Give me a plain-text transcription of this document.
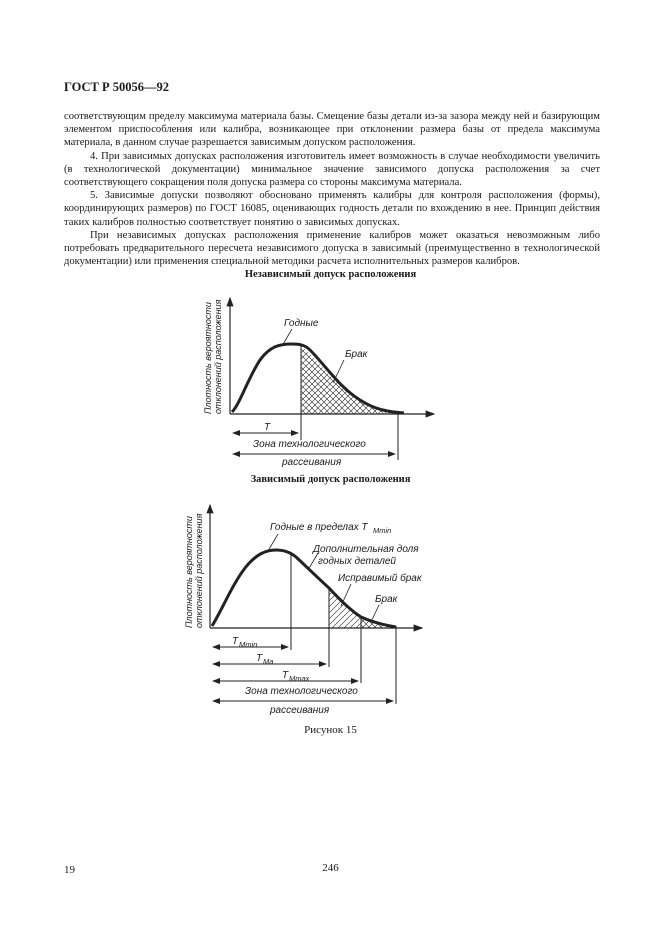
ГОСТ Р 50056—92

соответствующим пределу максимума материала базы. Смещение базы детали из-за зазора между ней и базирующим элементом приспособления или калибра, возникающее при отклонении размера базы от предела максимума материала, в данном случае разрешается зависимым допуском расположения.

4. При зависимых допусках расположения изготовитель имеет возможность в случае необходимости увеличить (в технологической документации) минимальное значение зависимого допуска расположения за счет соответствующего сокращения поля допуска размера со стороны максимума материала.

5. Зависимые допуски позволяют обосновано применять калибры для контроля расположения (формы), координирующих размеров) по ГОСТ 16085, оценивающих годность детали по вхождению в нее. Принцип действия таких калибров полностью соответствует понятию о зависимых допусках.

При независимых допусках расположения применение калибров может оказаться невозможным либо потребовать предварительного пересчета независимого допуска в зависимый (преимущественно в технологической документации) или применения специальной методики расчета исполнительных размеров калибров.

Независимый допуск расположения
Плотность вероятности отклонений расположения	Годные
Брак
T
Зона технологического
рассеивания
Зависимый допуск расположения
Плотность вероятности отклонений расположения	Годные в пределах T Mmin
Дополнительная доля
годных деталей
Исправимый брак
Брак
T Mmin
T Ma
T Mmax
Зона технологического
рассеивания
Рисунок 15
19	246
